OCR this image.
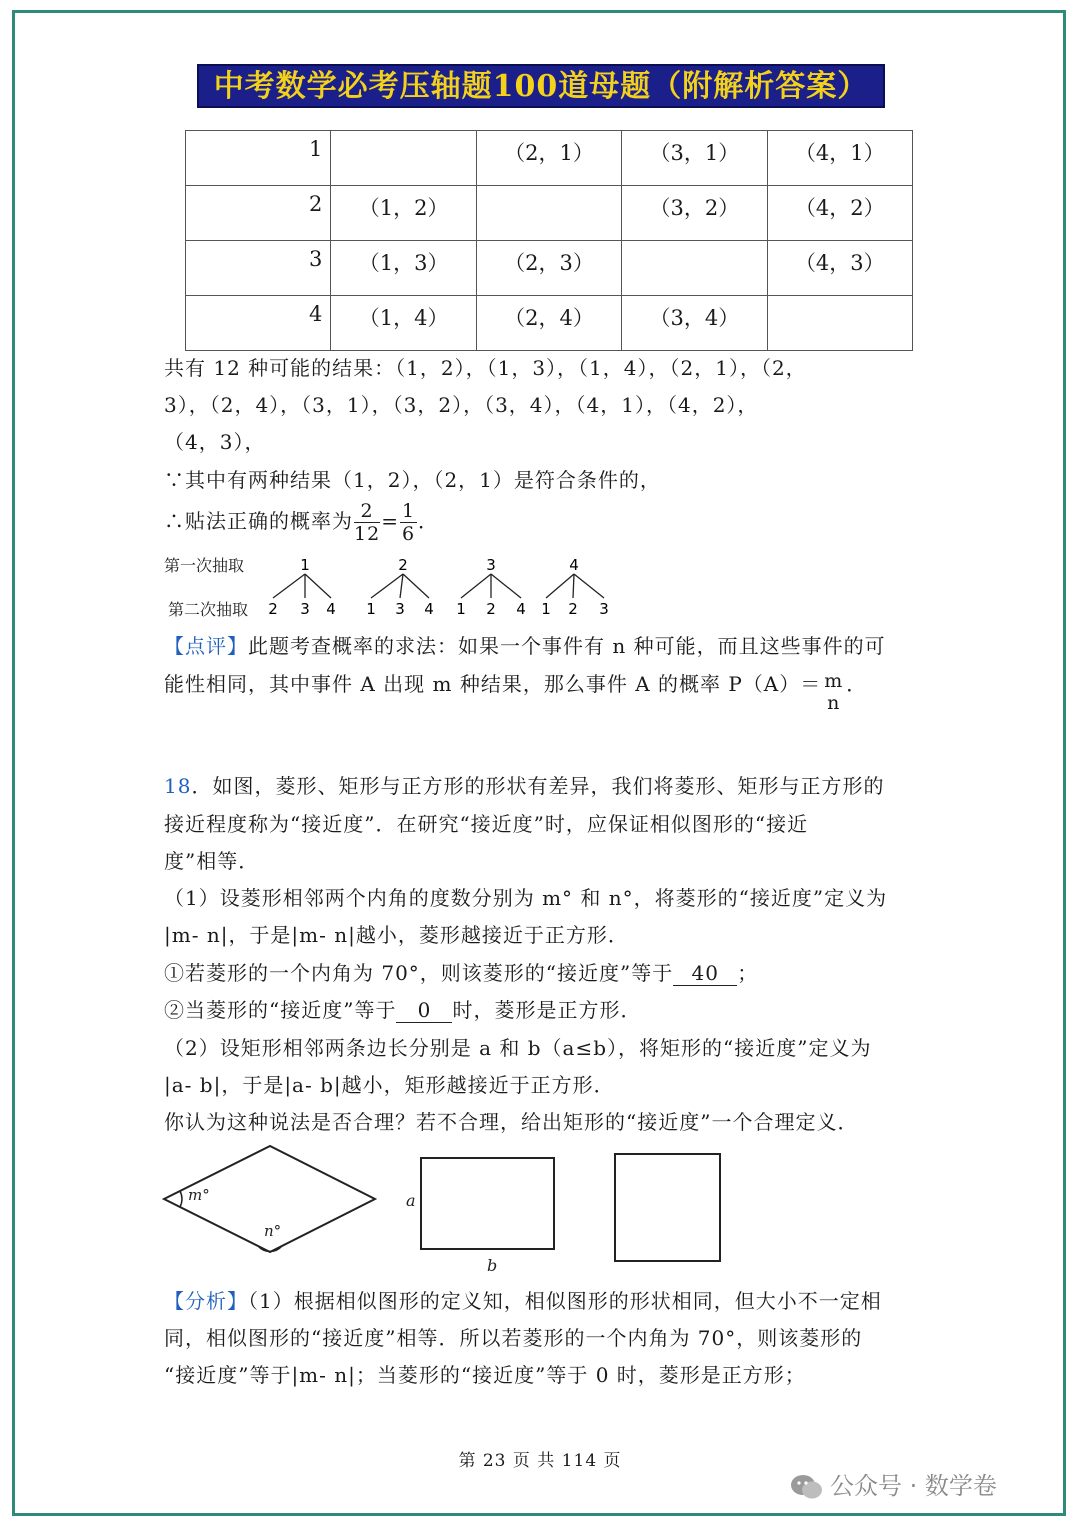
中考数学必考压轴题100道母题（附解析答案）
1		（2，1）	（3，1）	（4，1）
2	（1，2）		（3，2）	（4，2）
3	（1，3）	（2，3）		（4，3）
4	（1，4）	（2，4）	（3，4）	
共有 12 种可能的结果：（1，2），（1，3），（1，4），（2，1），（2，
3），（2，4），（3，1），（3，2），（3，4），（4，1），（4，2），
（4，3），
∵其中有两种结果（1，2），（2，1）是符合条件的，
∴贴法正确的概率为 $\frac{2}{12} = \frac{1}{6}$ ．
第一次抽取
第二次抽取
1
2 3 4
2
1 3 4
3
1 2 4
4
1 2 3
【点评】此题考查概率的求法：如果一个事件有 n 种可能，而且这些事件的可
能性相同，其中事件 A 出现 m 种结果，那么事件 A 的概率 P（A）＝ m
n
．
18．如图，菱形、矩形与正方形的形状有差异，我们将菱形、矩形与正方形的
接近程度称为“接近度”．在研究“接近度”时，应保证相似图形的“接近
度”相等．
（1）设菱形相邻两个内角的度数分别为 m° 和 n°，将菱形的“接近度”定义为
|m- n|，于是|m- n|越小，菱形越接近于正方形．
①若菱形的一个内角为 70°，则该菱形的“接近度”等于 40 ；
②当菱形的“接近度”等于 0 时，菱形是正方形．
（2）设矩形相邻两条边长分别是 a 和 b（a≤b），将矩形的“接近度”定义为
|a- b|，于是|a- b|越小，矩形越接近于正方形．
你认为这种说法是否合理？若不合理，给出矩形的“接近度”一个合理定义．
m°
n°
a
b
【分析】（1）根据相似图形的定义知，相似图形的形状相同，但大小不一定相
同，相似图形的“接近度”相等．所以若菱形的一个内角为 70°，则该菱形的
“接近度”等于|m- n|；当菱形的“接近度”等于 0 时，菱形是正方形；
第 23 页 共 114 页
公众号 · 数学卷
